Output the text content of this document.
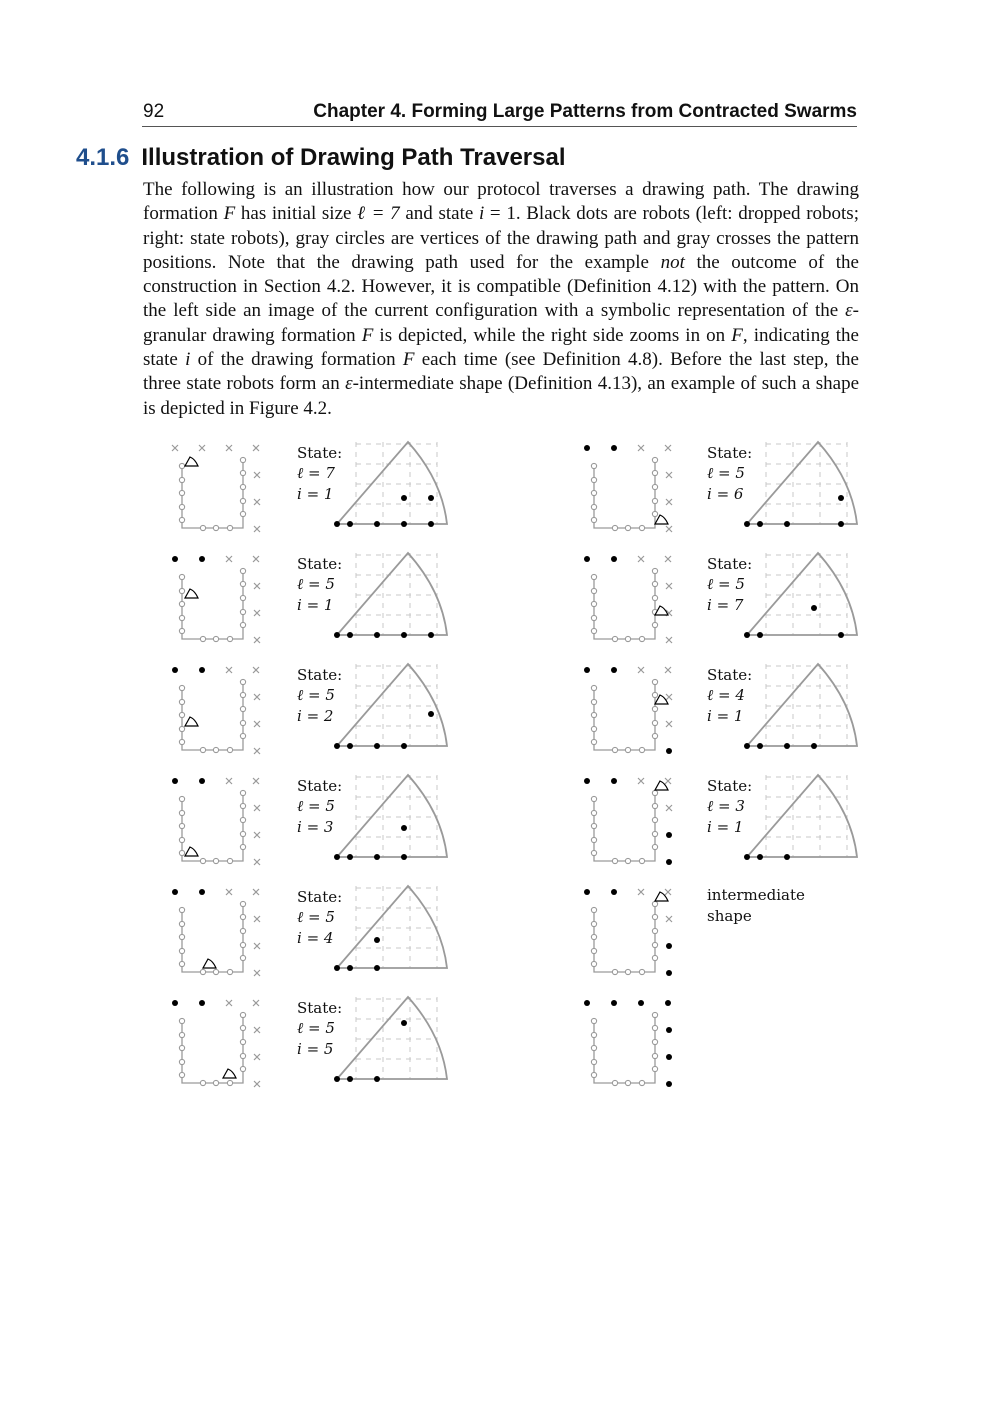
92	Chapter 4. Forming Large Patterns from Contracted Swarms
4.1.6 Illustration of Drawing Path Traversal

The following is an illustration how our protocol traverses a drawing path. The drawing formation F has initial size ℓ = 7 and state i = 1. Black dots are robots (left: dropped robots; right: state robots), gray circles are vertices of the drawing path and gray crosses the pattern positions. Note that the drawing path used for the example not the outcome of the construction in Section 4.2. However, it is compatible (Definition 4.12) with the pattern. On the left side an image of the current configuration with a symbolic representation of the ε-granular drawing formation F is depicted, while the right side zooms in on F, indicating the state i of the drawing formation F each time (see Definition 4.8). Before the last step, the three state robots form an ε-intermediate shape (Definition 4.13), an example of such a shape is depicted in Figure 4.2.

State:
ℓ = 7
i = 1
State:
ℓ = 5
i = 1
State:
ℓ = 5
i = 2
State:
ℓ = 5
i = 3
State:
ℓ = 5
i = 4
State:
ℓ = 5
i = 5
State:
ℓ = 5
i = 6
State:
ℓ = 5
i = 7
State:
ℓ = 4
i = 1
State:
ℓ = 3
i = 1
intermediate
shape
